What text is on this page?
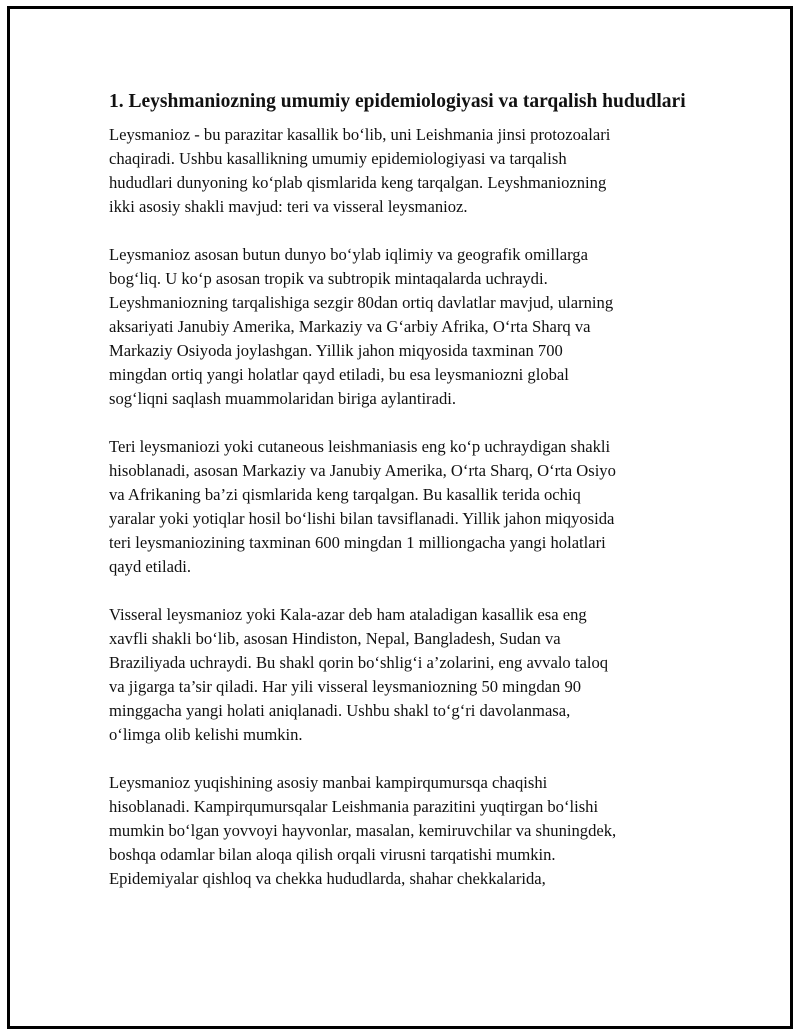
1. Leyshmaniozning umumiy epidemiologiyasi va tarqalish hududlari

Leysmanioz - bu parazitar kasallik bo‘lib, uni Leishmania jinsi protozoalari
chaqiradi. Ushbu kasallikning umumiy epidemiologiyasi va tarqalish
hududlari dunyoning ko‘plab qismlarida keng tarqalgan. Leyshmaniozning
ikki asosiy shakli mavjud: teri va visseral leysmanioz.

Leysmanioz asosan butun dunyo bo‘ylab iqlimiy va geografik omillarga
bog‘liq. U ko‘p asosan tropik va subtropik mintaqalarda uchraydi.
Leyshmaniozning tarqalishiga sezgir 80dan ortiq davlatlar mavjud, ularning
aksariyati Janubiy Amerika, Markaziy va G‘arbiy Afrika, O‘rta Sharq va
Markaziy Osiyoda joylashgan. Yillik jahon miqyosida taxminan 700
mingdan ortiq yangi holatlar qayd etiladi, bu esa leysmaniozni global
sog‘liqni saqlash muammolaridan biriga aylantiradi.

Teri leysmaniozi yoki cutaneous leishmaniasis eng ko‘p uchraydigan shakli
hisoblanadi, asosan Markaziy va Janubiy Amerika, O‘rta Sharq, O‘rta Osiyo
va Afrikaning ba’zi qismlarida keng tarqalgan. Bu kasallik terida ochiq
yaralar yoki yotiqlar hosil bo‘lishi bilan tavsiflanadi. Yillik jahon miqyosida
teri leysmaniozining taxminan 600 mingdan 1 milliongacha yangi holatlari
qayd etiladi.

Visseral leysmanioz yoki Kala-azar deb ham ataladigan kasallik esa eng
xavfli shakli bo‘lib, asosan Hindiston, Nepal, Bangladesh, Sudan va
Braziliyada uchraydi. Bu shakl qorin bo‘shlig‘i a’zolarini, eng avvalo taloq
va jigarga ta’sir qiladi. Har yili visseral leysmaniozning 50 mingdan 90
minggacha yangi holati aniqlanadi. Ushbu shakl to‘g‘ri davolanmasa,
o‘limga olib kelishi mumkin.

Leysmanioz yuqishining asosiy manbai kampirqumursqa chaqishi
hisoblanadi. Kampirqumursqalar Leishmania parazitini yuqtirgan bo‘lishi
mumkin bo‘lgan yovvoyi hayvonlar, masalan, kemiruvchilar va shuningdek,
boshqa odamlar bilan aloqa qilish orqali virusni tarqatishi mumkin.
Epidemiyalar qishloq va chekka hududlarda, shahar chekkalarida,
